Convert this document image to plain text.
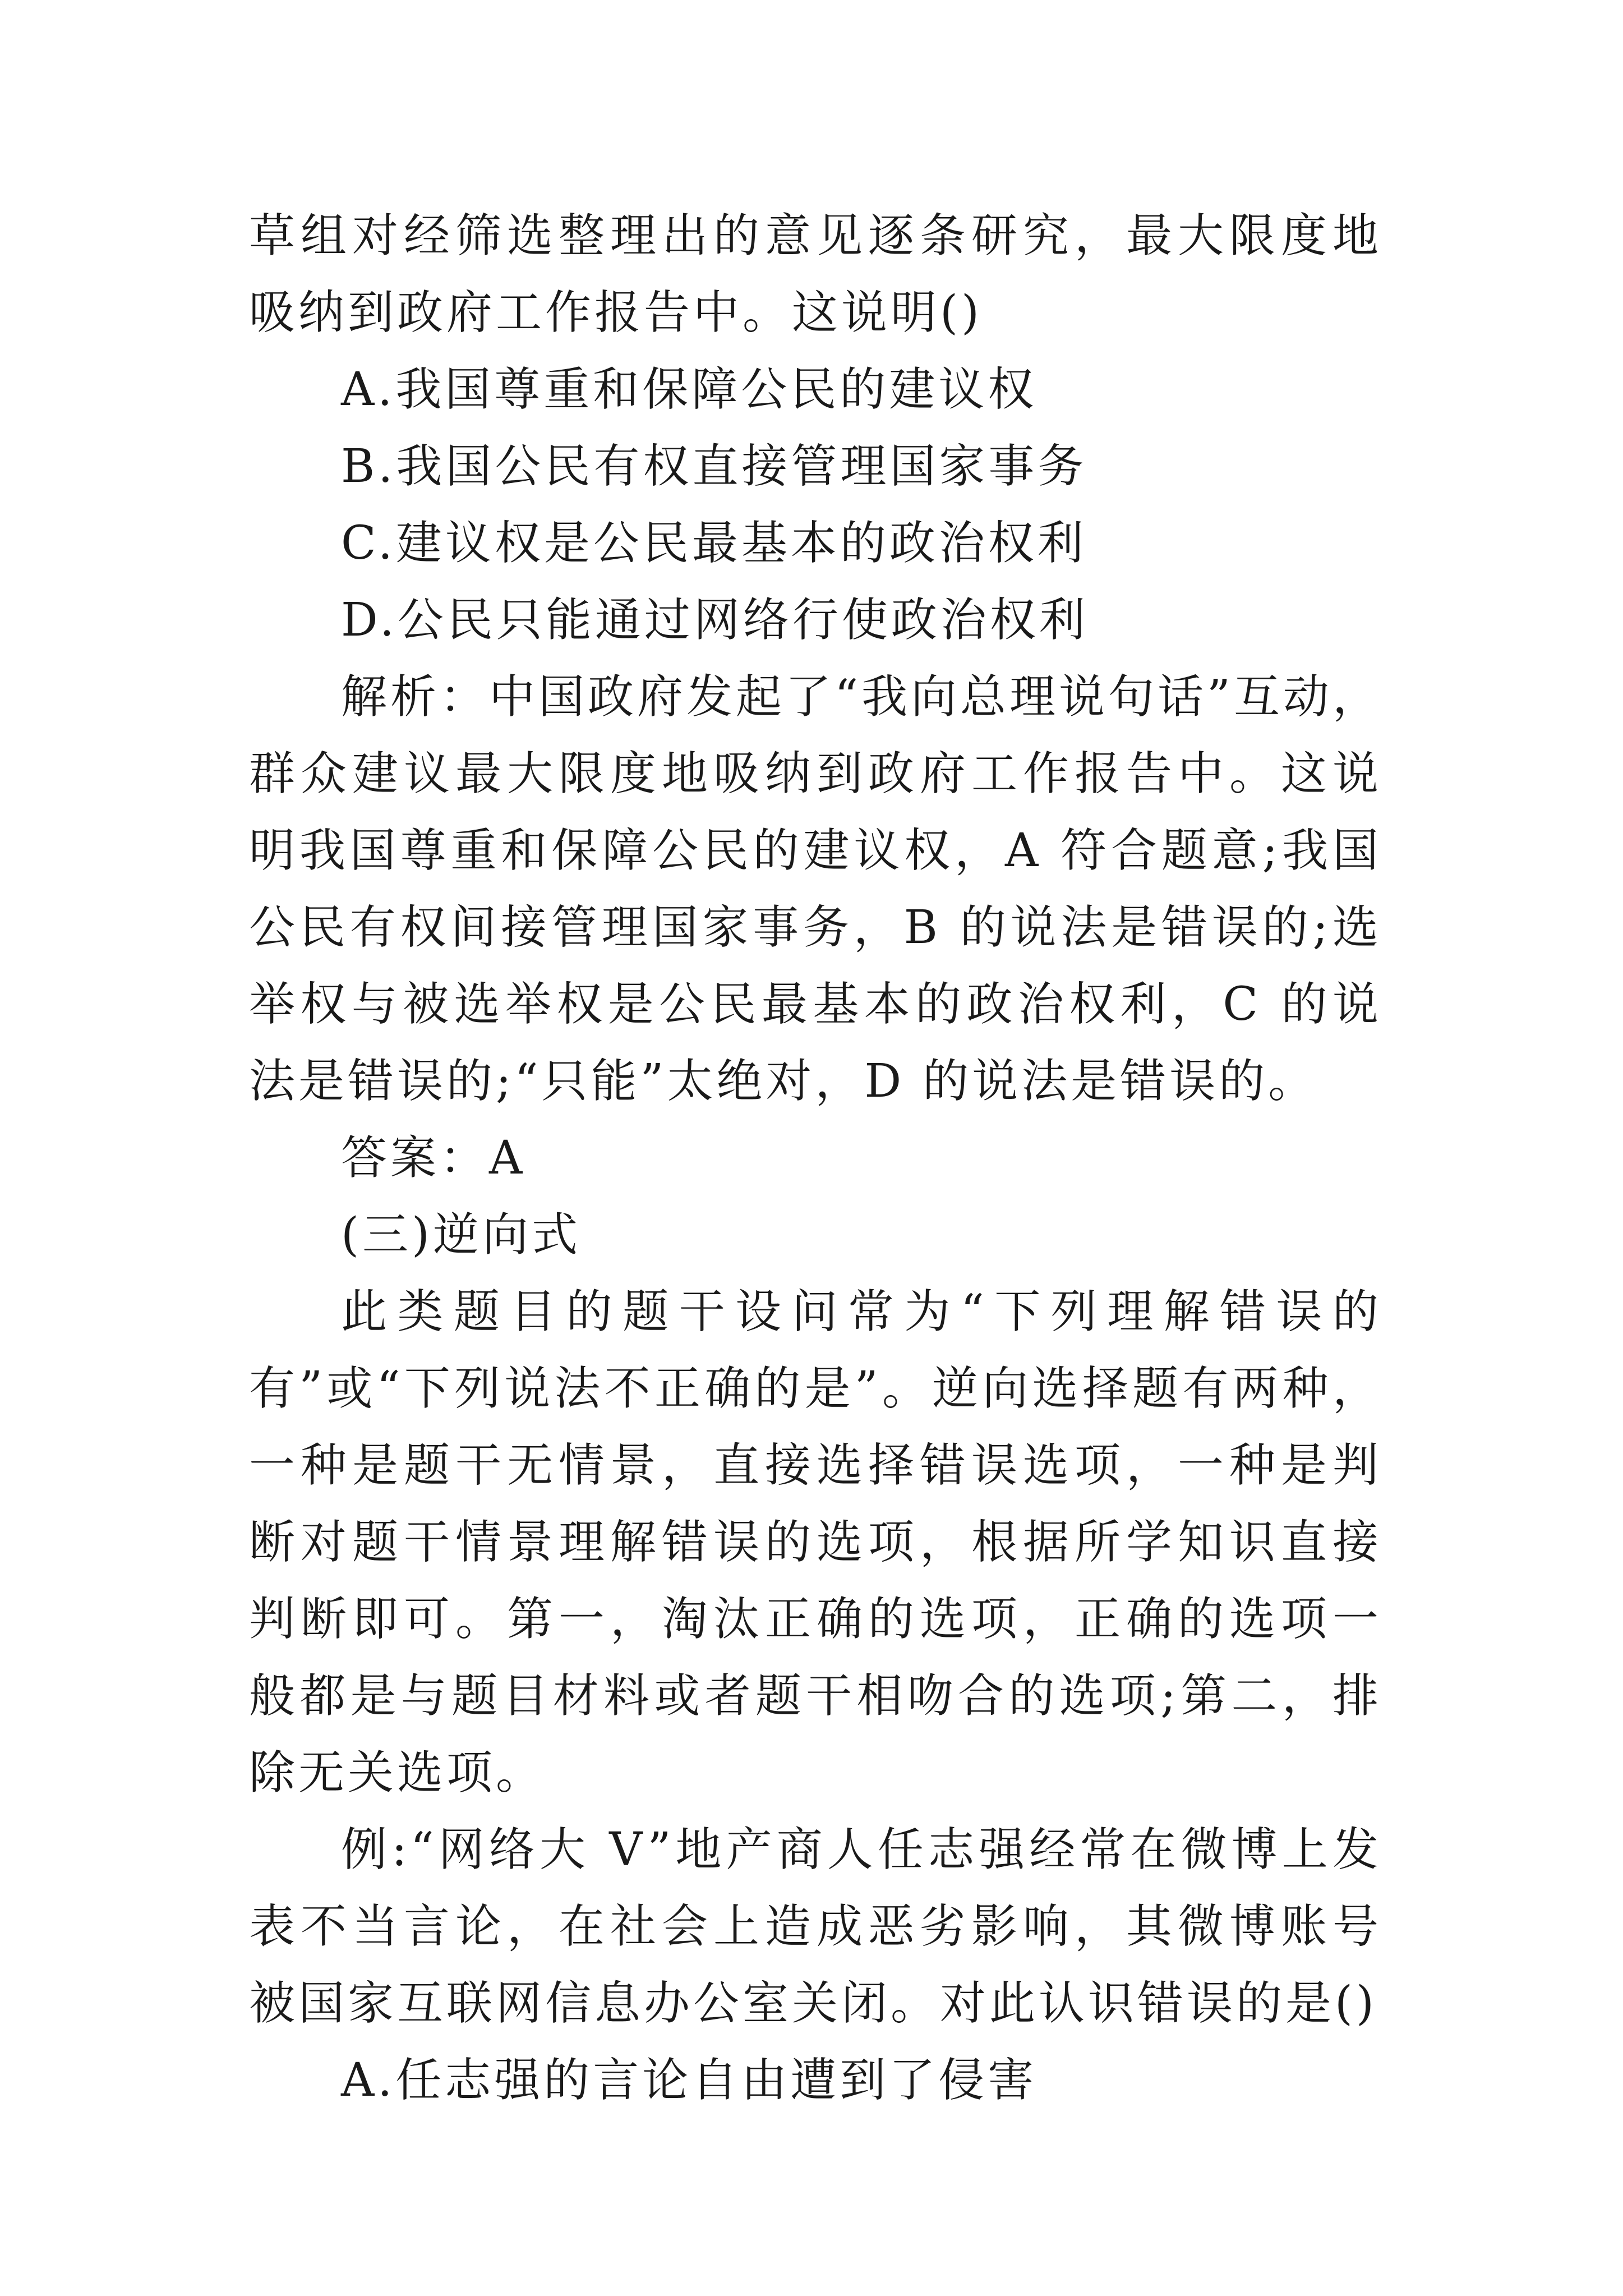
草组对经筛选整理出的意见逐条研究，最大限度地吸纳到政府工作报告中。这说明()

A.我国尊重和保障公民的建议权

B.我国公民有权直接管理国家事务

C.建议权是公民最基本的政治权利

D.公民只能通过网络行使政治权利

解析：中国政府发起了“我向总理说句话”互动，群众建议最大限度地吸纳到政府工作报告中。这说明我国尊重和保障公民的建议权，A 符合题意;我国公民有权间接管理国家事务，B 的说法是错误的;选举权与被选举权是公民最基本的政治权利，C 的说法是错误的;“只能”太绝对，D 的说法是错误的。

答案：A

(三)逆向式

此类题目的题干设问常为“下列理解错误的有”或“下列说法不正确的是”。逆向选择题有两种，一种是题干无情景，直接选择错误选项，一种是判断对题干情景理解错误的选项，根据所学知识直接判断即可。第一，淘汰正确的选项，正确的选项一般都是与题目材料或者题干相吻合的选项;第二，排除无关选项。

例:“网络大 V”地产商人任志强经常在微博上发表不当言论，在社会上造成恶劣影响，其微博账号被国家互联网信息办公室关闭。对此认识错误的是()

A.任志强的言论自由遭到了侵害
